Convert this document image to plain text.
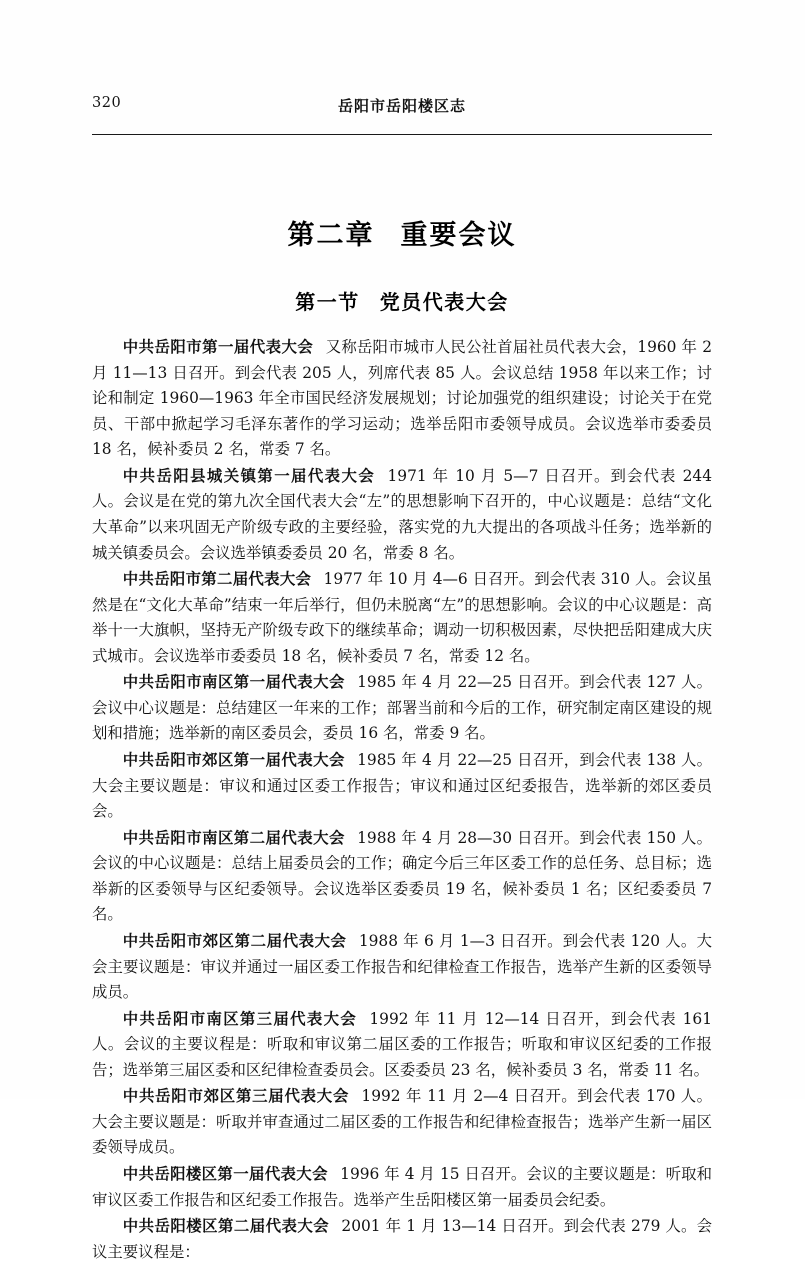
320	岳阳市岳阳楼区志
第二章 重要会议
第一节 党员代表大会

中共岳阳市第一届代表大会 又称岳阳市城市人民公社首届社员代表大会，1960 年 2 月 11—13 日召开。到会代表 205 人，列席代表 85 人。会议总结 1958 年以来工作；讨论和制定 1960—1963 年全市国民经济发展规划；讨论加强党的组织建设；讨论关于在党员、干部中掀起学习毛泽东著作的学习运动；选举岳阳市委领导成员。会议选举市委委员 18 名，候补委员 2 名，常委 7 名。

中共岳阳县城关镇第一届代表大会 1971 年 10 月 5—7 日召开。到会代表 244 人。会议是在党的第九次全国代表大会“左”的思想影响下召开的，中心议题是：总结“文化大革命”以来巩固无产阶级专政的主要经验，落实党的九大提出的各项战斗任务；选举新的城关镇委员会。会议选举镇委委员 20 名，常委 8 名。

中共岳阳市第二届代表大会 1977 年 10 月 4—6 日召开。到会代表 310 人。会议虽然是在“文化大革命”结束一年后举行，但仍未脱离“左”的思想影响。会议的中心议题是：高举十一大旗帜，坚持无产阶级专政下的继续革命；调动一切积极因素，尽快把岳阳建成大庆式城市。会议选举市委委员 18 名，候补委员 7 名，常委 12 名。

中共岳阳市南区第一届代表大会 1985 年 4 月 22—25 日召开。到会代表 127 人。会议中心议题是：总结建区一年来的工作；部署当前和今后的工作，研究制定南区建设的规划和措施；选举新的南区委员会，委员 16 名，常委 9 名。

中共岳阳市郊区第一届代表大会 1985 年 4 月 22—25 日召开，到会代表 138 人。大会主要议题是：审议和通过区委工作报告；审议和通过区纪委报告，选举新的郊区委员会。

中共岳阳市南区第二届代表大会 1988 年 4 月 28—30 日召开。到会代表 150 人。会议的中心议题是：总结上届委员会的工作；确定今后三年区委工作的总任务、总目标；选举新的区委领导与区纪委领导。会议选举区委委员 19 名，候补委员 1 名；区纪委委员 7 名。

中共岳阳市郊区第二届代表大会 1988 年 6 月 1—3 日召开。到会代表 120 人。大会主要议题是：审议并通过一届区委工作报告和纪律检查工作报告，选举产生新的区委领导成员。

中共岳阳市南区第三届代表大会 1992 年 11 月 12—14 日召开，到会代表 161 人。会议的主要议程是：听取和审议第二届区委的工作报告；听取和审议区纪委的工作报告；选举第三届区委和区纪律检查委员会。区委委员 23 名，候补委员 3 名，常委 11 名。

中共岳阳市郊区第三届代表大会 1992 年 11 月 2—4 日召开。到会代表 170 人。大会主要议题是：听取并审查通过二届区委的工作报告和纪律检查报告；选举产生新一届区委领导成员。

中共岳阳楼区第一届代表大会 1996 年 4 月 15 日召开。会议的主要议题是：听取和审议区委工作报告和区纪委工作报告。选举产生岳阳楼区第一届委员会纪委。

中共岳阳楼区第二届代表大会 2001 年 1 月 13—14 日召开。到会代表 279 人。会议主要议程是：
